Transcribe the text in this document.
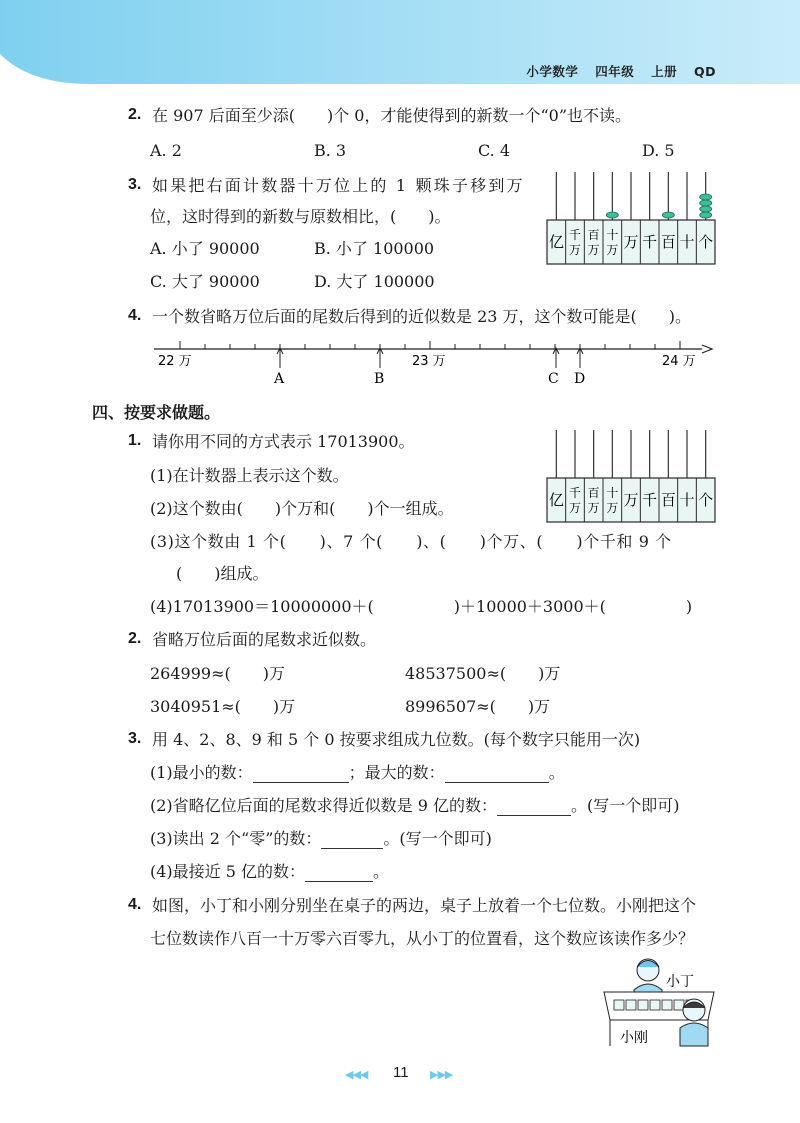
小学数学 四年级 上册 QD
2. 在 907 后面至少添(　　)个 0，才能使得到的新数一个“0”也不读。
A. 2	B. 3	C. 4	D. 5
3. 如果把右面计数器十万位上的 1 颗珠子移到万
位，这时得到的新数与原数相比，(　　)。
A. 小了 90000	B. 小了 100000
C. 大了 90000	D. 大了 100000
亿 千
万
百
万
十
万 万 千 百 十 个
4. 一个数省略万位后面的尾数后得到的近似数是 23 万，这个数可能是(　　)。
22 万	23 万	24 万
A	B	C D
四、按要求做题。
1. 请你用不同的方式表示 17013900。
(1)在计数器上表示这个数。
(2)这个数由(　　)个万和(　　)个一组成。
(3)这个数由 1 个(　　)、7 个(　　)、(　　)个万、(　　)个千和 9 个
(　　)组成。
(4)17013900＝10000000＋(　　　　　)＋10000＋3000＋(　　　　　)
亿 千
万
百
万
十
万 万 千 百 十 个
2. 省略万位后面的尾数求近似数。
264999≈(　　)万	48537500≈(　　)万
3040951≈(　　)万	8996507≈(　　)万
3. 用 4、2、8、9 和 5 个 0 按要求组成九位数。(每个数字只能用一次)
(1)最小的数：	；最大的数：	。
(2)省略亿位后面的尾数求得近似数是 9 亿的数：	。(写一个即可)
(3)读出 2 个“零”的数：	。(写一个即可)
(4)最接近 5 亿的数：	。
4. 如图，小丁和小刚分别坐在桌子的两边，桌子上放着一个七位数。小刚把这个
七位数读作八百一十万零六百零九，从小丁的位置看，这个数应该读作多少？
小丁
小刚
◀◀◀ 11 ▶▶▶
